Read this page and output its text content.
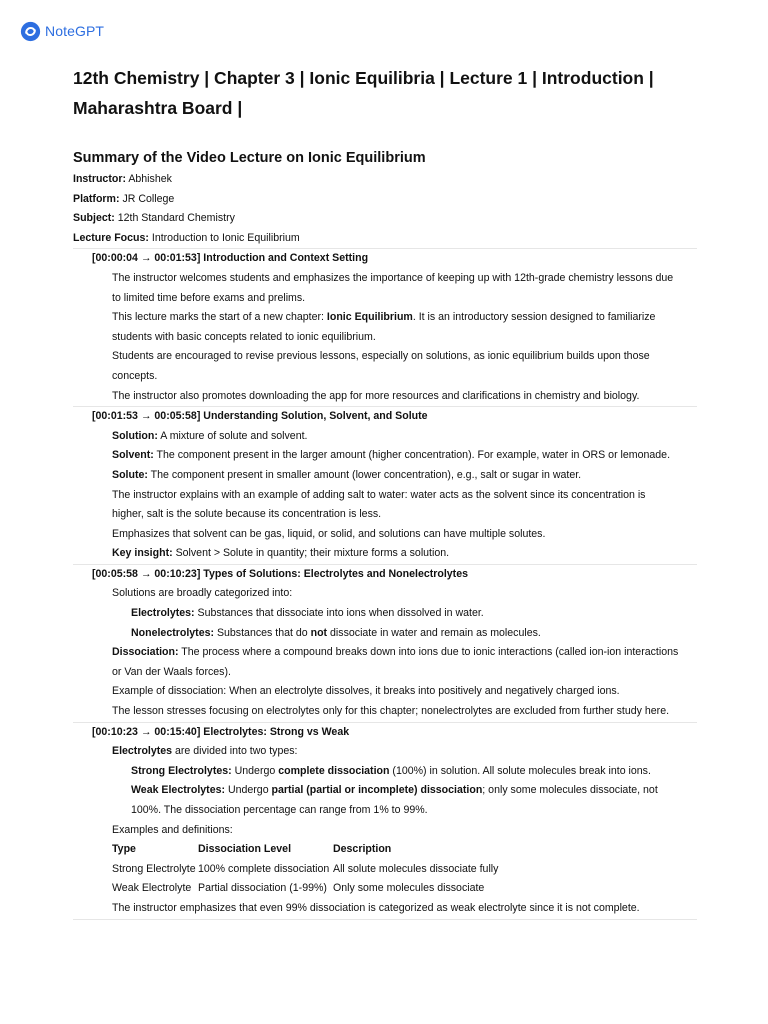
NoteGPT
12th Chemistry | Chapter 3 | Ionic Equilibria | Lecture 1 | Introduction |
Maharashtra Board |
Summary of the Video Lecture on Ionic Equilibrium
Instructor: Abhishek
Platform: JR College
Subject: 12th Standard Chemistry
Lecture Focus: Introduction to Ionic Equilibrium
[00:00:04 → 00:01:53] Introduction and Context Setting
The instructor welcomes students and emphasizes the importance of keeping up with 12th-grade chemistry lessons due
to limited time before exams and prelims.
This lecture marks the start of a new chapter: Ionic Equilibrium. It is an introductory session designed to familiarize
students with basic concepts related to ionic equilibrium.
Students are encouraged to revise previous lessons, especially on solutions, as ionic equilibrium builds upon those
concepts.
The instructor also promotes downloading the app for more resources and clarifications in chemistry and biology.
[00:01:53 → 00:05:58] Understanding Solution, Solvent, and Solute
Solution: A mixture of solute and solvent.
Solvent: The component present in the larger amount (higher concentration). For example, water in ORS or lemonade.
Solute: The component present in smaller amount (lower concentration), e.g., salt or sugar in water.
The instructor explains with an example of adding salt to water: water acts as the solvent since its concentration is
higher, salt is the solute because its concentration is less.
Emphasizes that solvent can be gas, liquid, or solid, and solutions can have multiple solutes.
Key insight: Solvent > Solute in quantity; their mixture forms a solution.
[00:05:58 → 00:10:23] Types of Solutions: Electrolytes and Nonelectrolytes
Solutions are broadly categorized into:
Electrolytes: Substances that dissociate into ions when dissolved in water.
Nonelectrolytes: Substances that do not dissociate in water and remain as molecules.
Dissociation: The process where a compound breaks down into ions due to ionic interactions (called ion-ion interactions
or Van der Waals forces).
Example of dissociation: When an electrolyte dissolves, it breaks into positively and negatively charged ions.
The lesson stresses focusing on electrolytes only for this chapter; nonelectrolytes are excluded from further study here.
[00:10:23 → 00:15:40] Electrolytes: Strong vs Weak
Electrolytes are divided into two types:
Strong Electrolytes: Undergo complete dissociation (100%) in solution. All solute molecules break into ions.
Weak Electrolytes: Undergo partial (partial or incomplete) dissociation; only some molecules dissociate, not
100%. The dissociation percentage can range from 1% to 99%.
Examples and definitions:
Type	Dissociation Level	Description
Strong Electrolyte 100% complete dissociation All solute molecules dissociate fully
Weak Electrolyte Partial dissociation (1-99%) Only some molecules dissociate
The instructor emphasizes that even 99% dissociation is categorized as weak electrolyte since it is not complete.
